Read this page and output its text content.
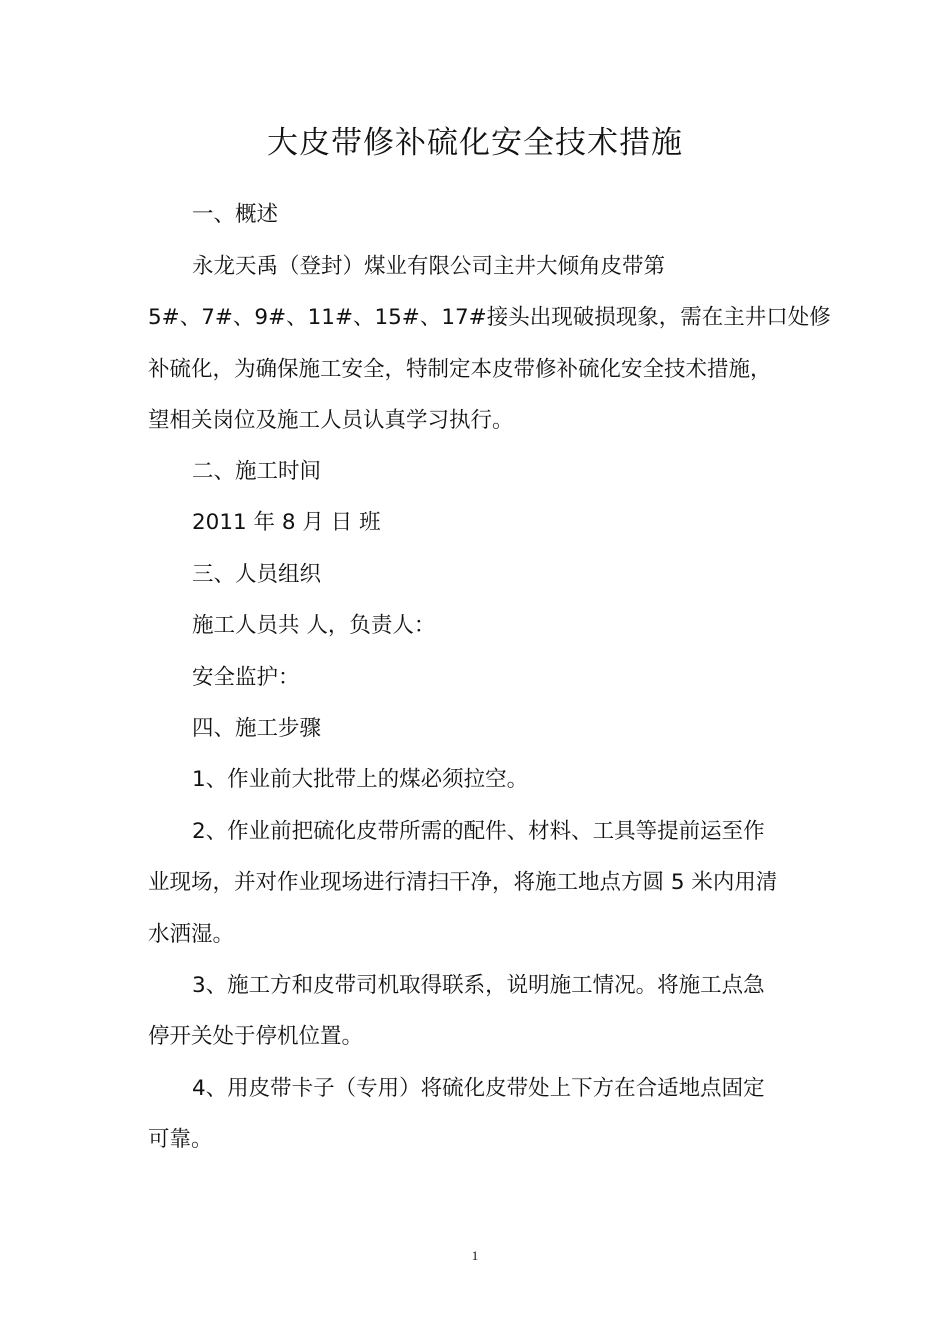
大皮带修补硫化安全技术措施
一、概述
永龙天禹（登封）煤业有限公司主井大倾角皮带第
5#、7#、9#、11#、15#、17#接头出现破损现象，需在主井口处修
补硫化，为确保施工安全，特制定本皮带修补硫化安全技术措施，
望相关岗位及施工人员认真学习执行。
二、施工时间
2011 年 8 月 日 班
三、人员组织
施工人员共 人，负责人：
安全监护：
四、施工步骤
1、作业前大批带上的煤必须拉空。
2、作业前把硫化皮带所需的配件、材料、工具等提前运至作
业现场，并对作业现场进行清扫干净，将施工地点方圆 5 米内用清
水洒湿。
3、施工方和皮带司机取得联系，说明施工情况。将施工点急
停开关处于停机位置。
4、用皮带卡子（专用）将硫化皮带处上下方在合适地点固定
可靠。
1
